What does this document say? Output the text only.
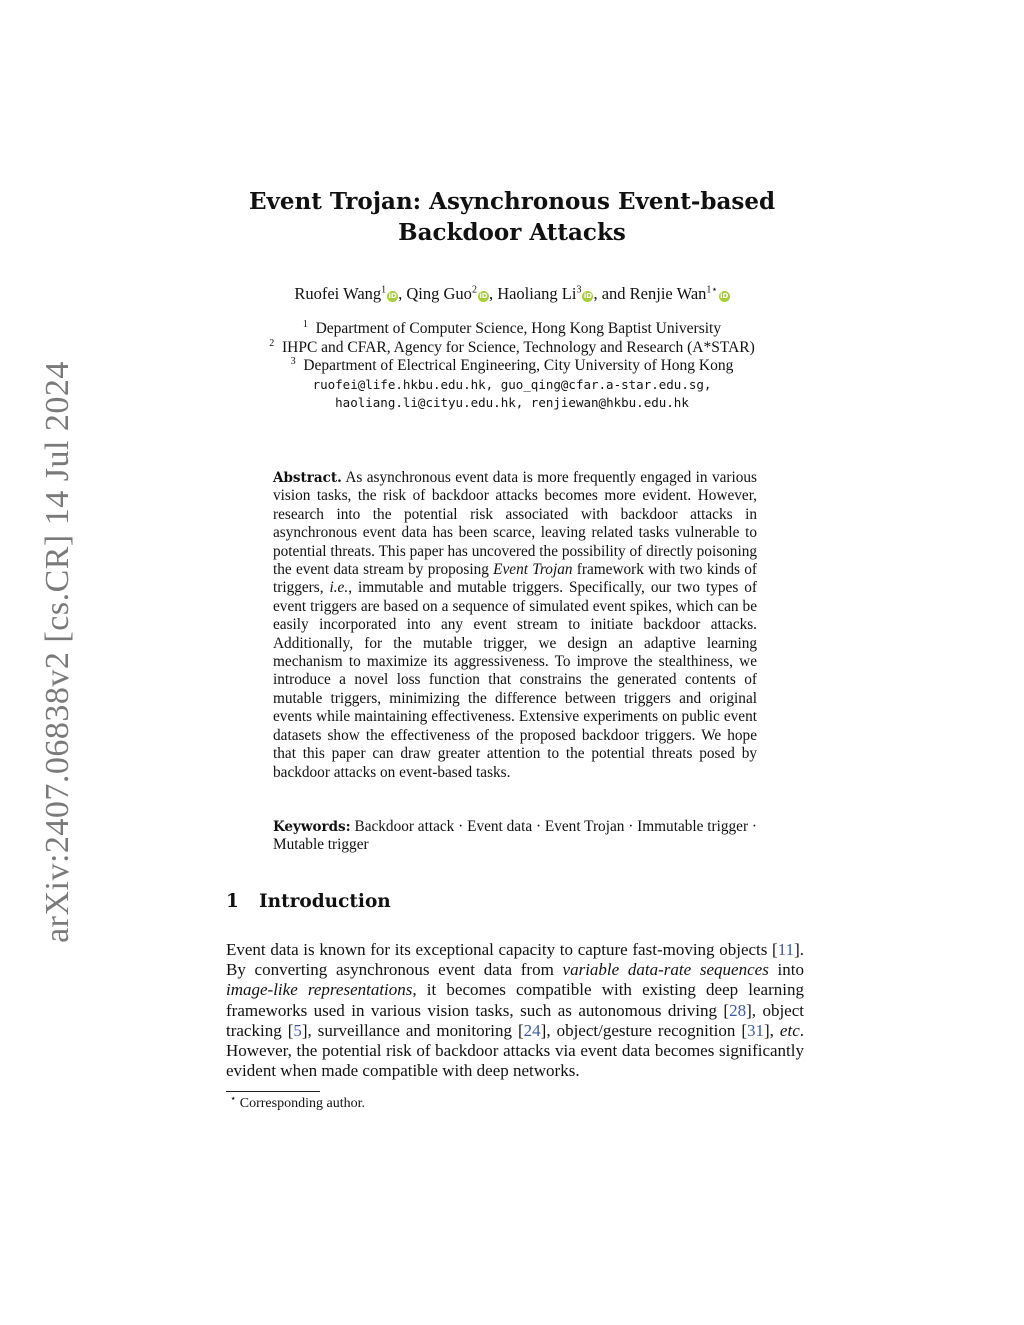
arXiv:2407.06838v2 [cs.CR] 14 Jul 2024
Event Trojan: Asynchronous Event-based
Backdoor Attacks
Ruofei Wang$^1$iD, Qing Guo$^2$iD, Haoliang Li$^3$iD, and Renjie Wan$^{1⋆}$iD
$^1$ Department of Computer Science, Hong Kong Baptist University
$^2$ IHPC and CFAR, Agency for Science, Technology and Research (A*STAR)
$^3$ Department of Electrical Engineering, City University of Hong Kong
ruofei@life.hkbu.edu.hk, guo_qing@cfar.a-star.edu.sg,
haoliang.li@cityu.edu.hk, renjiewan@hkbu.edu.hk
Abstract. As asynchronous event data is more frequently engaged in various vision tasks, the risk of backdoor attacks becomes more evident. However, research into the potential risk associated with backdoor attacks in asynchronous event data has been scarce, leaving related tasks vulnerable to potential threats. This paper has uncovered the possibility of directly poisoning the event data stream by proposing Event Trojan framework with two kinds of triggers, i.e., immutable and mutable triggers. Specifically, our two types of event triggers are based on a sequence of simulated event spikes, which can be easily incorporated into any event stream to initiate backdoor attacks. Additionally, for the mutable trigger, we design an adaptive learning mechanism to maximize its aggressiveness. To improve the stealthiness, we introduce a novel loss function that constrains the generated contents of mutable triggers, minimizing the difference between triggers and original events while maintaining effectiveness. Extensive experiments on public event datasets show the effectiveness of the proposed backdoor triggers. We hope that this paper can draw greater attention to the potential threats posed by backdoor attacks on event-based tasks.
Keywords: Backdoor attack · Event data · Event Trojan · Immutable trigger · Mutable trigger
1 Introduction
Event data is known for its exceptional capacity to capture fast-moving objects [11]. By converting asynchronous event data from variable data-rate sequences into image-like representations, it becomes compatible with existing deep learning frameworks used in various vision tasks, such as autonomous driving [28], object tracking [5], surveillance and monitoring [24], object/gesture recognition [31], etc. However, the potential risk of backdoor attacks via event data becomes significantly evident when made compatible with deep networks.
⋆ Corresponding author.
